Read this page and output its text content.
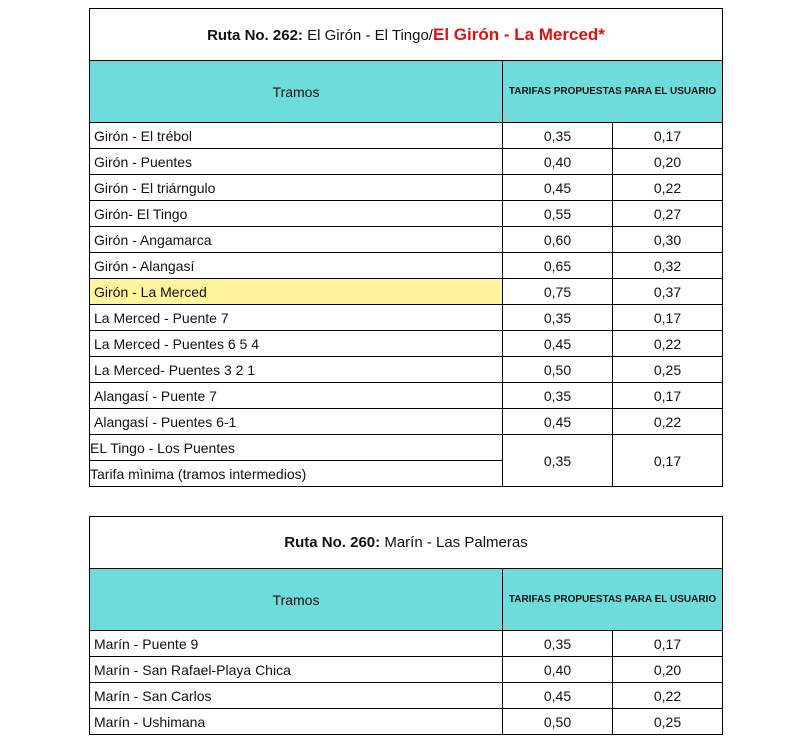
Ruta No. 262: El Girón - El Tingo/El Girón - La Merced*		
Tramos	TARIFAS PROPUESTAS PARA EL USUARIO	
Girón - El trébol	0,35	0,17
Girón - Puentes	0,40	0,20
Girón - El triárngulo	0,45	0,22
Girón- El Tingo	0,55	0,27
Girón - Angamarca	0,60	0,30
Girón - Alangasí	0,65	0,32
Girón - La Merced	0,75	0,37
La Merced - Puente 7	0,35	0,17
La Merced - Puentes 6 5 4	0,45	0,22
La Merced- Puentes 3 2 1	0,50	0,25
Alangasí - Puente 7	0,35	0,17
Alangasí - Puentes 6-1	0,45	0,22
EL Tingo - Los Puentes	0,35	0,17
Tarifa mìnima (tramos intermedios)		
Ruta No. 260: Marín - Las Palmeras		
Tramos	TARIFAS PROPUESTAS PARA EL USUARIO	
Marín - Puente 9	0,35	0,17
Marín - San Rafael-Playa Chica	0,40	0,20
Marín - San Carlos	0,45	0,22
Marín - Ushimana	0,50	0,25
